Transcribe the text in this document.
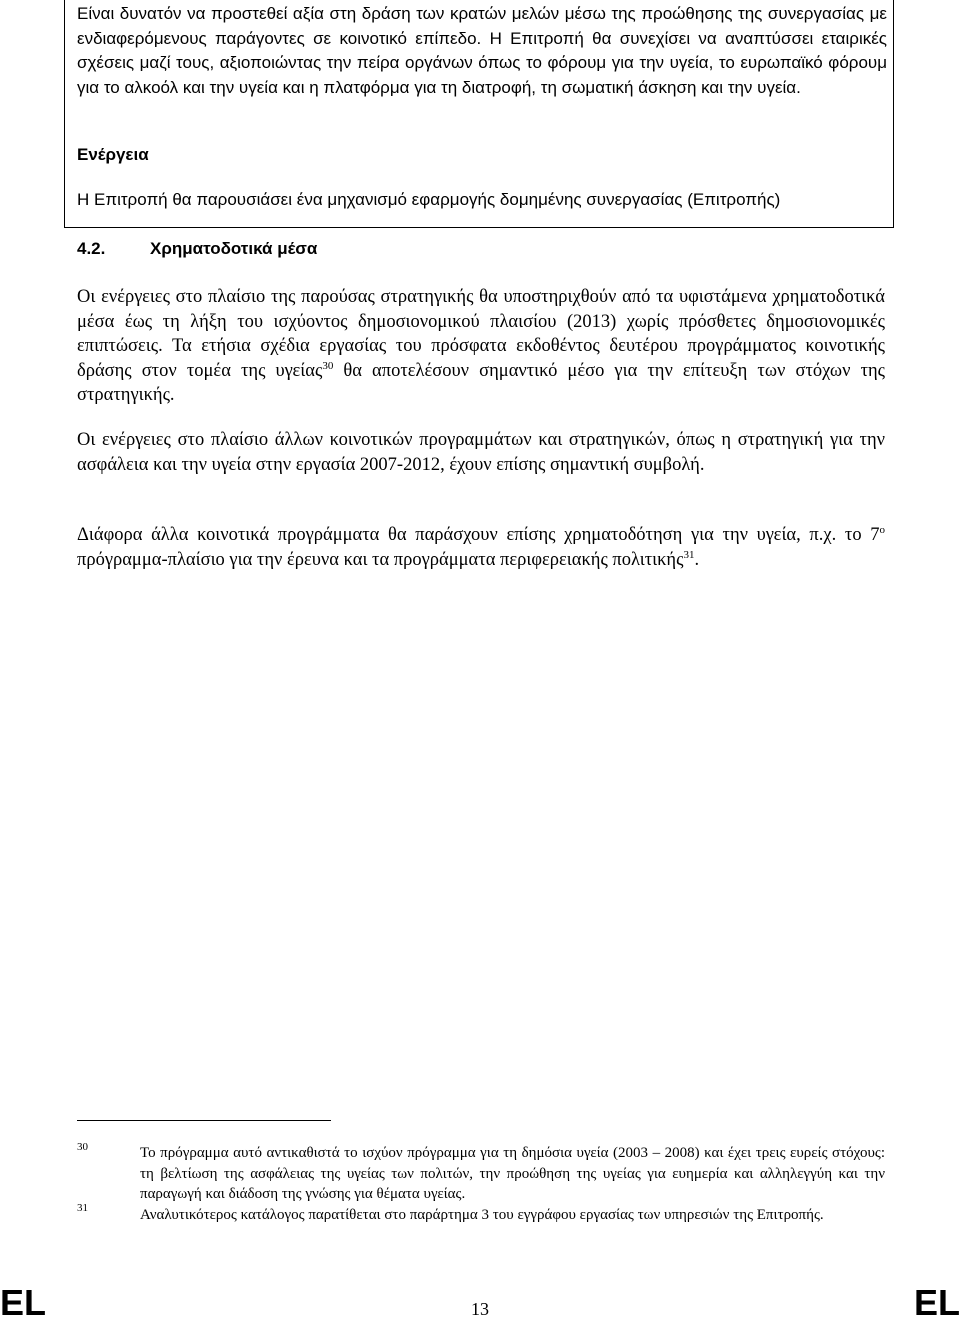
Είναι δυνατόν να προστεθεί αξία στη δράση των κρατών μελών μέσω της προώθησης της συνεργασίας με ενδιαφερόμενους παράγοντες σε κοινοτικό επίπεδο. Η Επιτροπή θα συνεχίσει να αναπτύσσει εταιρικές σχέσεις μαζί τους, αξιοποιώντας την πείρα οργάνων όπως το φόρουμ για την υγεία, το ευρωπαϊκό φόρουμ για το αλκοόλ και την υγεία και η πλατφόρμα για τη διατροφή, τη σωματική άσκηση και την υγεία.

Ενέργεια

Η Επιτροπή θα παρουσιάσει ένα μηχανισμό εφαρμογής δομημένης συνεργασίας (Επιτροπής)

4.2.	Χρηματοδοτικά μέσα

Οι ενέργειες στο πλαίσιο της παρούσας στρατηγικής θα υποστηριχθούν από τα υφιστάμενα χρηματοδοτικά μέσα έως τη λήξη του ισχύοντος δημοσιονομικού πλαισίου (2013) χωρίς πρόσθετες δημοσιονομικές επιπτώσεις. Τα ετήσια σχέδια εργασίας του πρόσφατα εκδοθέντος δευτέρου προγράμματος κοινοτικής δράσης στον τομέα της υγείας$^{30}$ θα αποτελέσουν σημαντικό μέσο για την επίτευξη των στόχων της στρατηγικής.

Οι ενέργειες στο πλαίσιο άλλων κοινοτικών προγραμμάτων και στρατηγικών, όπως η στρατηγική για την ασφάλεια και την υγεία στην εργασία 2007-2012, έχουν επίσης σημαντική συμβολή.

Διάφορα άλλα κοινοτικά προγράμματα θα παράσχουν επίσης χρηματοδότηση για την υγεία, π.χ. το $7^o$ πρόγραμμα-πλαίσιο για την έρευνα και τα προγράμματα περιφερειακής πολιτικής$^{31}$.

30	Το πρόγραμμα αυτό αντικαθιστά το ισχύον πρόγραμμα για τη δημόσια υγεία (2003 – 2008) και έχει τρεις ευρείς στόχους: τη βελτίωση της ασφάλειας της υγείας των πολιτών, την προώθηση της υγείας για ευημερία και αλληλεγγύη και την παραγωγή και διάδοση της γνώσης για θέματα υγείας.

31	Αναλυτικότερος κατάλογος παρατίθεται στο παράρτημα 3 του εγγράφου εργασίας των υπηρεσιών της Επιτροπής.

EL	13	EL
